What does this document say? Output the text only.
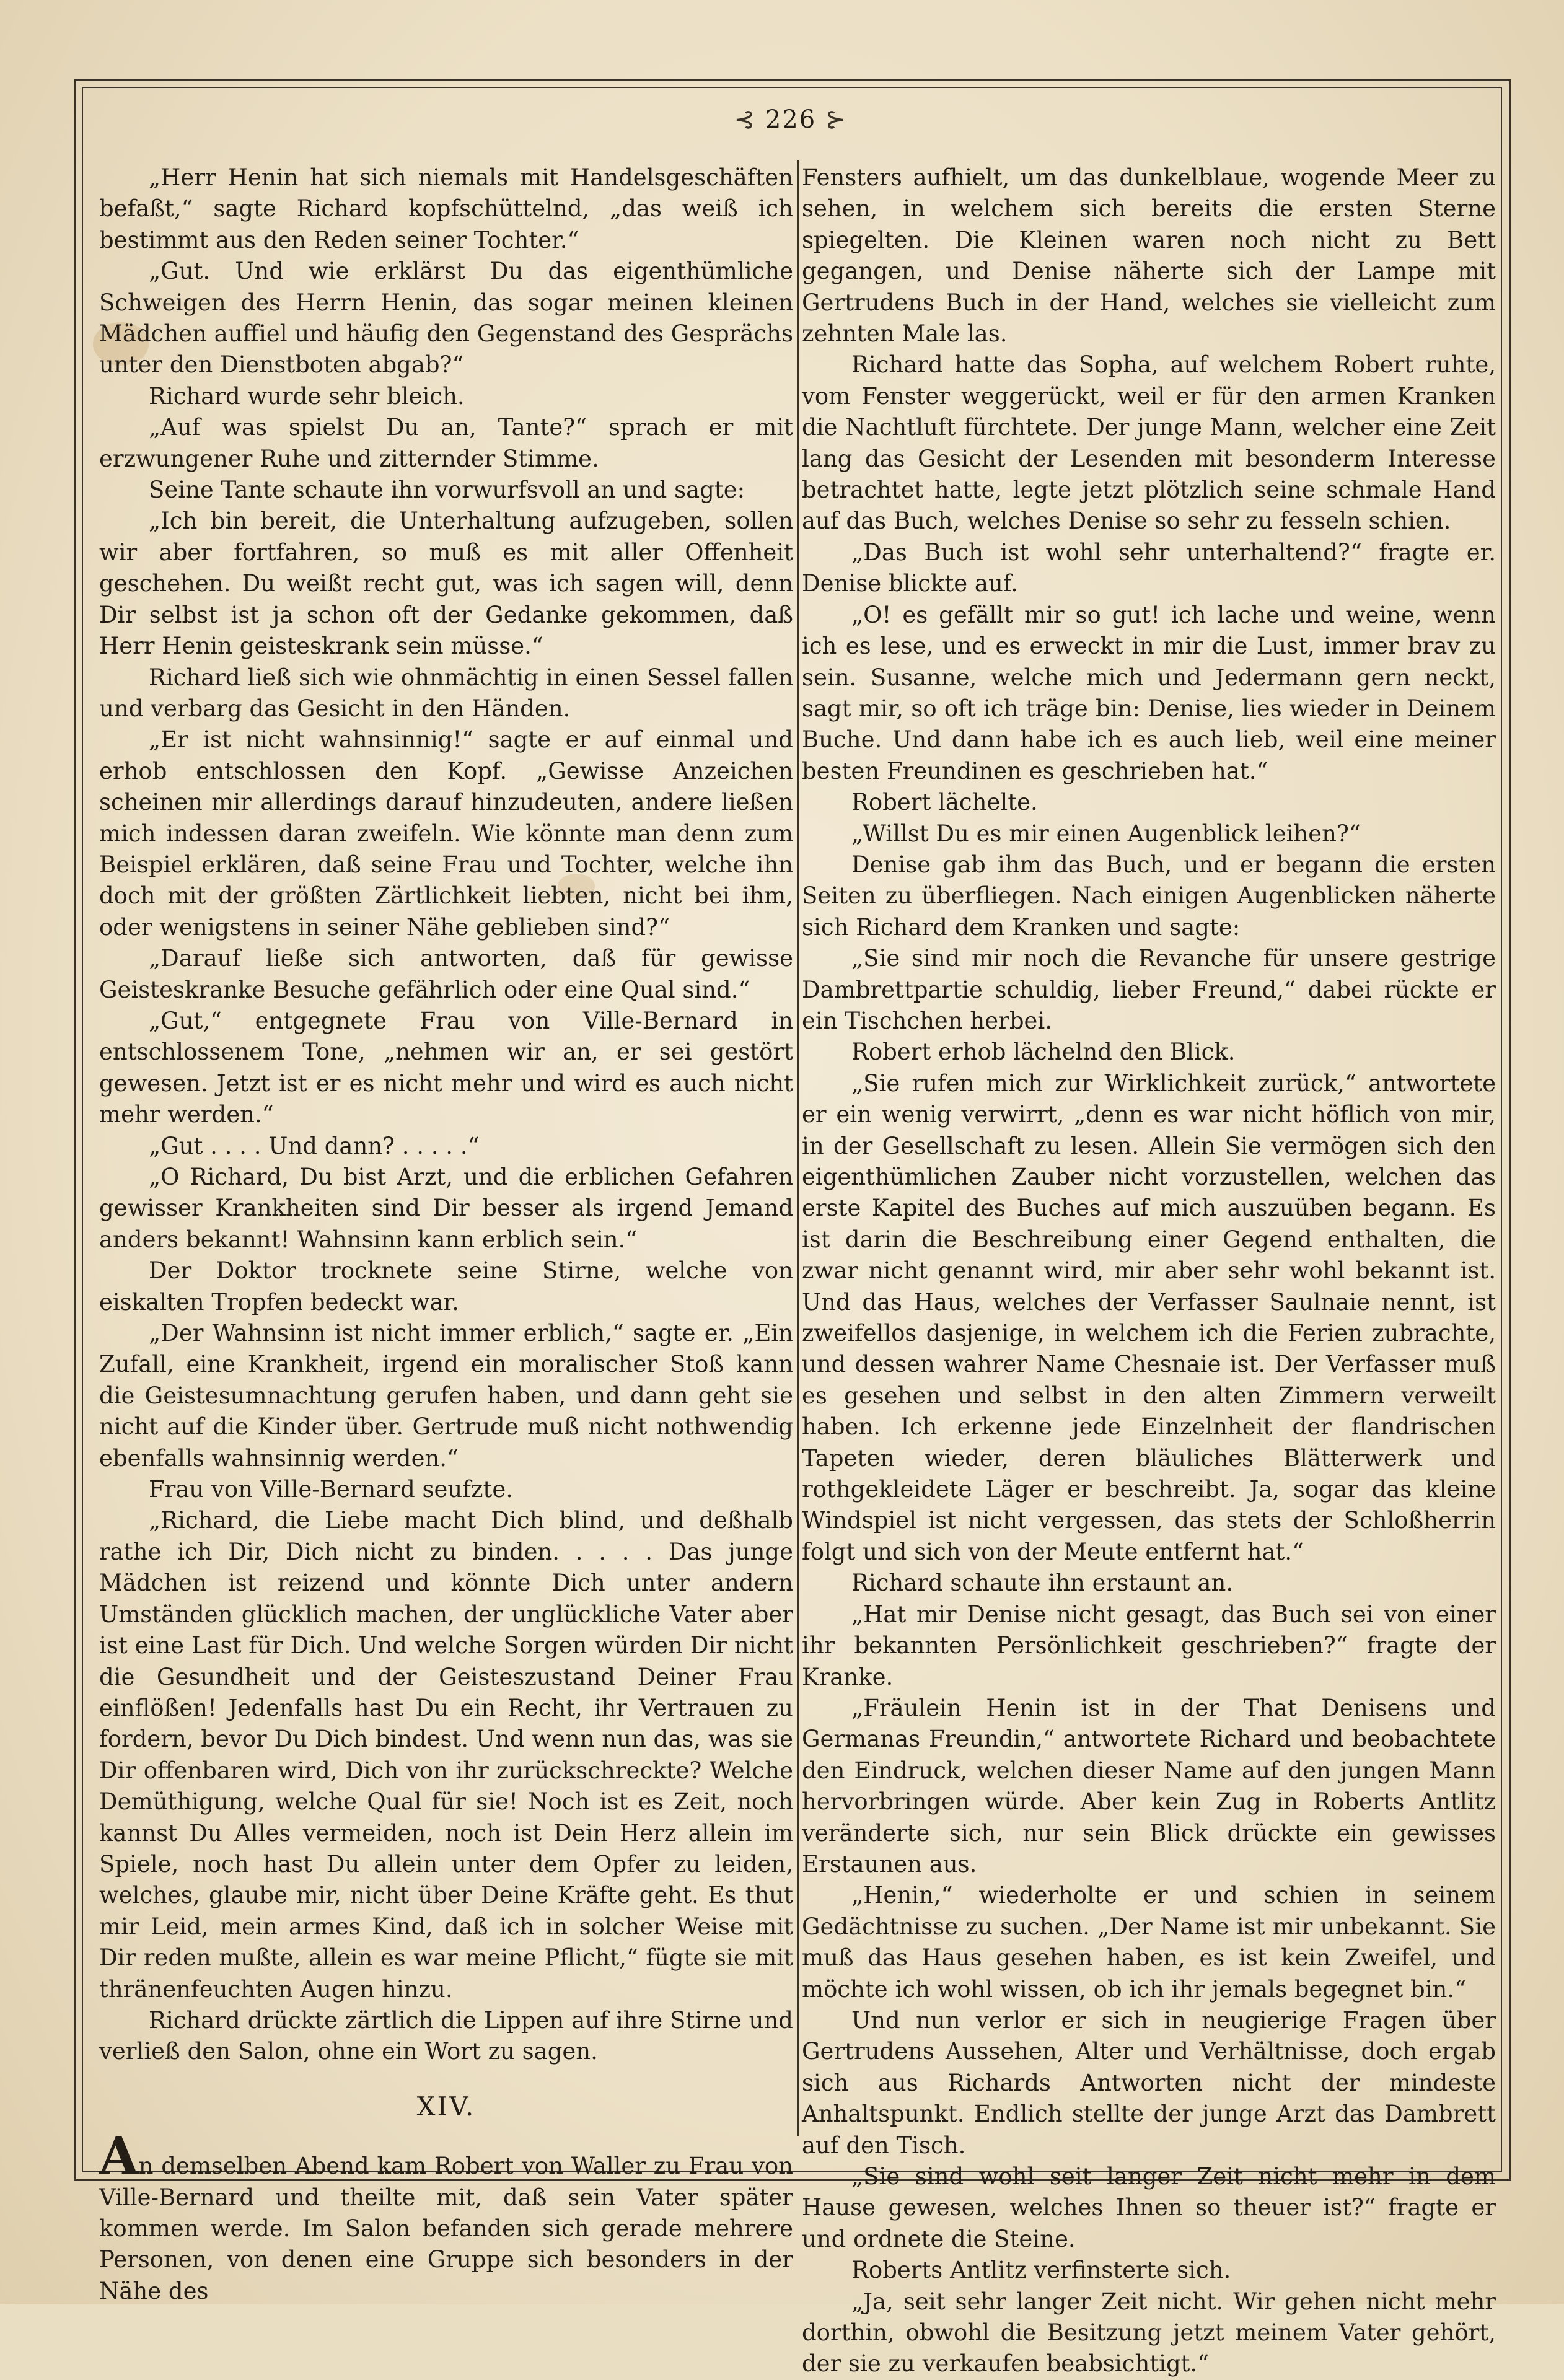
⊰ 226 ⊱

„Herr Henin hat sich niemals mit Handelsgeschäften befaßt,“ sagte Richard kopfschüttelnd, „das weiß ich bestimmt aus den Reden seiner Tochter.“

„Gut. Und wie erklärst Du das eigenthümliche Schweigen des Herrn Henin, das sogar meinen kleinen Mädchen auffiel und häufig den Gegenstand des Gesprächs unter den Dienstboten abgab?“

Richard wurde sehr bleich.

„Auf was spielst Du an, Tante?“ sprach er mit erzwungener Ruhe und zitternder Stimme.

Seine Tante schaute ihn vorwurfsvoll an und sagte:

„Ich bin bereit, die Unterhaltung aufzugeben, sollen wir aber fortfahren, so muß es mit aller Offenheit geschehen. Du weißt recht gut, was ich sagen will, denn Dir selbst ist ja schon oft der Gedanke gekommen, daß Herr Henin geisteskrank sein müsse.“

Richard ließ sich wie ohnmächtig in einen Sessel fallen und verbarg das Gesicht in den Händen.

„Er ist nicht wahnsinnig!“ sagte er auf einmal und erhob entschlossen den Kopf. „Gewisse Anzeichen scheinen mir allerdings darauf hinzudeuten, andere ließen mich indessen daran zweifeln. Wie könnte man denn zum Beispiel erklären, daß seine Frau und Tochter, welche ihn doch mit der größten Zärtlichkeit liebten, nicht bei ihm, oder wenigstens in seiner Nähe geblieben sind?“

„Darauf ließe sich antworten, daß für gewisse Geisteskranke Besuche gefährlich oder eine Qual sind.“

„Gut,“ entgegnete Frau von Ville-Bernard in entschlossenem Tone, „nehmen wir an, er sei gestört gewesen. Jetzt ist er es nicht mehr und wird es auch nicht mehr werden.“

„Gut . . . . Und dann? . . . . .“

„O Richard, Du bist Arzt, und die erblichen Gefahren gewisser Krankheiten sind Dir besser als irgend Jemand anders bekannt! Wahnsinn kann erblich sein.“

Der Doktor trocknete seine Stirne, welche von eiskalten Tropfen bedeckt war.

„Der Wahnsinn ist nicht immer erblich,“ sagte er. „Ein Zufall, eine Krankheit, irgend ein moralischer Stoß kann die Geistesumnachtung gerufen haben, und dann geht sie nicht auf die Kinder über. Gertrude muß nicht nothwendig ebenfalls wahnsinnig werden.“

Frau von Ville-Bernard seufzte.

„Richard, die Liebe macht Dich blind, und deßhalb rathe ich Dir, Dich nicht zu binden. . . . . Das junge Mädchen ist reizend und könnte Dich unter andern Umständen glücklich machen, der unglückliche Vater aber ist eine Last für Dich. Und welche Sorgen würden Dir nicht die Gesundheit und der Geisteszustand Deiner Frau einflößen! Jedenfalls hast Du ein Recht, ihr Vertrauen zu fordern, bevor Du Dich bindest. Und wenn nun das, was sie Dir offenbaren wird, Dich von ihr zurückschreckte? Welche Demüthigung, welche Qual für sie! Noch ist es Zeit, noch kannst Du Alles vermeiden, noch ist Dein Herz allein im Spiele, noch hast Du allein unter dem Opfer zu leiden, welches, glaube mir, nicht über Deine Kräfte geht. Es thut mir Leid, mein armes Kind, daß ich in solcher Weise mit Dir reden mußte, allein es war meine Pflicht,“ fügte sie mit thränenfeuchten Augen hinzu.

Richard drückte zärtlich die Lippen auf ihre Stirne und verließ den Salon, ohne ein Wort zu sagen.

XIV.

An demselben Abend kam Robert von Waller zu Frau von Ville-Bernard und theilte mit, daß sein Vater später kommen werde. Im Salon befanden sich gerade mehrere Personen, von denen eine Gruppe sich besonders in der Nähe des

Fensters aufhielt, um das dunkelblaue, wogende Meer zu sehen, in welchem sich bereits die ersten Sterne spiegelten. Die Kleinen waren noch nicht zu Bett gegangen, und Denise näherte sich der Lampe mit Gertrudens Buch in der Hand, welches sie vielleicht zum zehnten Male las.

Richard hatte das Sopha, auf welchem Robert ruhte, vom Fenster weggerückt, weil er für den armen Kranken die Nachtluft fürchtete. Der junge Mann, welcher eine Zeit lang das Gesicht der Lesenden mit besonderm Interesse betrachtet hatte, legte jetzt plötzlich seine schmale Hand auf das Buch, welches Denise so sehr zu fesseln schien.

„Das Buch ist wohl sehr unterhaltend?“ fragte er. Denise blickte auf.

„O! es gefällt mir so gut! ich lache und weine, wenn ich es lese, und es erweckt in mir die Lust, immer brav zu sein. Susanne, welche mich und Jedermann gern neckt, sagt mir, so oft ich träge bin: Denise, lies wieder in Deinem Buche. Und dann habe ich es auch lieb, weil eine meiner besten Freundinen es geschrieben hat.“

Robert lächelte.

„Willst Du es mir einen Augenblick leihen?“

Denise gab ihm das Buch, und er begann die ersten Seiten zu überfliegen. Nach einigen Augenblicken näherte sich Richard dem Kranken und sagte:

„Sie sind mir noch die Revanche für unsere gestrige Dambrettpartie schuldig, lieber Freund,“ dabei rückte er ein Tischchen herbei.

Robert erhob lächelnd den Blick.

„Sie rufen mich zur Wirklichkeit zurück,“ antwortete er ein wenig verwirrt, „denn es war nicht höflich von mir, in der Gesellschaft zu lesen. Allein Sie vermögen sich den eigenthümlichen Zauber nicht vorzustellen, welchen das erste Kapitel des Buches auf mich auszuüben begann. Es ist darin die Beschreibung einer Gegend enthalten, die zwar nicht genannt wird, mir aber sehr wohl bekannt ist. Und das Haus, welches der Verfasser Saulnaie nennt, ist zweifellos dasjenige, in welchem ich die Ferien zubrachte, und dessen wahrer Name Chesnaie ist. Der Verfasser muß es gesehen und selbst in den alten Zimmern verweilt haben. Ich erkenne jede Einzelnheit der flandrischen Tapeten wieder, deren bläuliches Blätterwerk und rothgekleidete Läger er beschreibt. Ja, sogar das kleine Windspiel ist nicht vergessen, das stets der Schloßherrin folgt und sich von der Meute entfernt hat.“

Richard schaute ihn erstaunt an.

„Hat mir Denise nicht gesagt, das Buch sei von einer ihr bekannten Persönlichkeit geschrieben?“ fragte der Kranke.

„Fräulein Henin ist in der That Denisens und Germanas Freundin,“ antwortete Richard und beobachtete den Eindruck, welchen dieser Name auf den jungen Mann hervorbringen würde. Aber kein Zug in Roberts Antlitz veränderte sich, nur sein Blick drückte ein gewisses Erstaunen aus.

„Henin,“ wiederholte er und schien in seinem Gedächtnisse zu suchen. „Der Name ist mir unbekannt. Sie muß das Haus gesehen haben, es ist kein Zweifel, und möchte ich wohl wissen, ob ich ihr jemals begegnet bin.“

Und nun verlor er sich in neugierige Fragen über Gertrudens Aussehen, Alter und Verhältnisse, doch ergab sich aus Richards Antworten nicht der mindeste Anhaltspunkt. Endlich stellte der junge Arzt das Dambrett auf den Tisch.

„Sie sind wohl seit langer Zeit nicht mehr in dem Hause gewesen, welches Ihnen so theuer ist?“ fragte er und ordnete die Steine.

Roberts Antlitz verfinsterte sich.

„Ja, seit sehr langer Zeit nicht. Wir gehen nicht mehr dorthin, obwohl die Besitzung jetzt meinem Vater gehört, der sie zu verkaufen beabsichtigt.“
